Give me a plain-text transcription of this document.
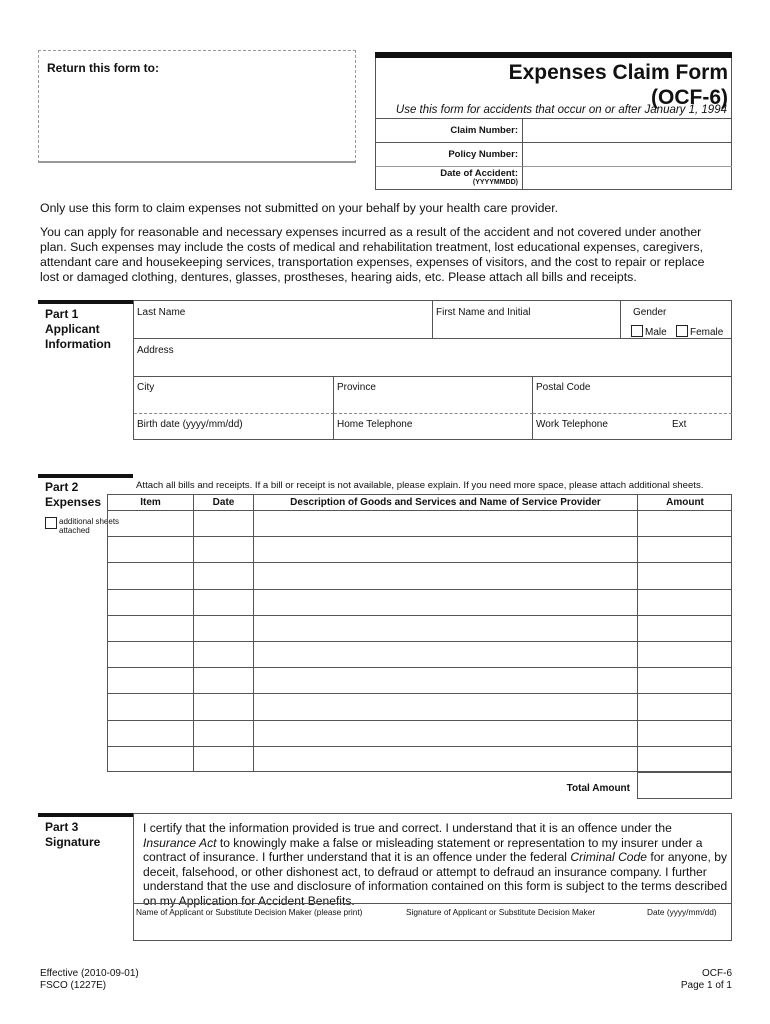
Return this form to:	Expenses Claim Form
(OCF-6)
Use this form for accidents that occur on or after January 1, 1994
Claim Number:
Policy Number:
Date of Accident:
(YYYYMMDD)
Only use this form to claim expenses not submitted on your behalf by your health care provider.
You can apply for reasonable and necessary expenses incurred as a result of the accident and not covered under another plan. Such expenses may include the costs of medical and rehabilitation treatment, lost educational expenses, caregivers, attendant care and housekeeping services, transportation expenses, expenses of visitors, and the cost to repair or replace lost or damaged clothing, dentures, glasses, prostheses, hearing aids, etc. Please attach all bills and receipts.
Part 1
Applicant Information
Last Name	First Name and Initial	Gender
Male	Female
Address
City	Province	Postal Code
Birth date (yyyy/mm/dd)	Home Telephone	Work Telephone	Ext
Part 2
Expenses
additional sheets attached
Attach all bills and receipts. If a bill or receipt is not available, please explain. If you need more space, please attach additional sheets.
Item	Date	Description of Goods and Services and Name of Service Provider	Amount
Total Amount
Part 3
Signature
I certify that the information provided is true and correct. I understand that it is an offence under the Insurance Act to knowingly make a false or misleading statement or representation to my insurer under a contract of insurance. I further understand that it is an offence under the federal Criminal Code for anyone, by deceit, falsehood, or other dishonest act, to defraud or attempt to defraud an insurance company. I further understand that the use and disclosure of information contained on this form is subject to the terms described on my Application for Accident Benefits.
Name of Applicant or Substitute Decision Maker (please print)	Signature of Applicant or Substitute Decision Maker	Date (yyyy/mm/dd)
Effective (2010-09-01)
FSCO (1227E)
OCF-6
Page 1 of 1
